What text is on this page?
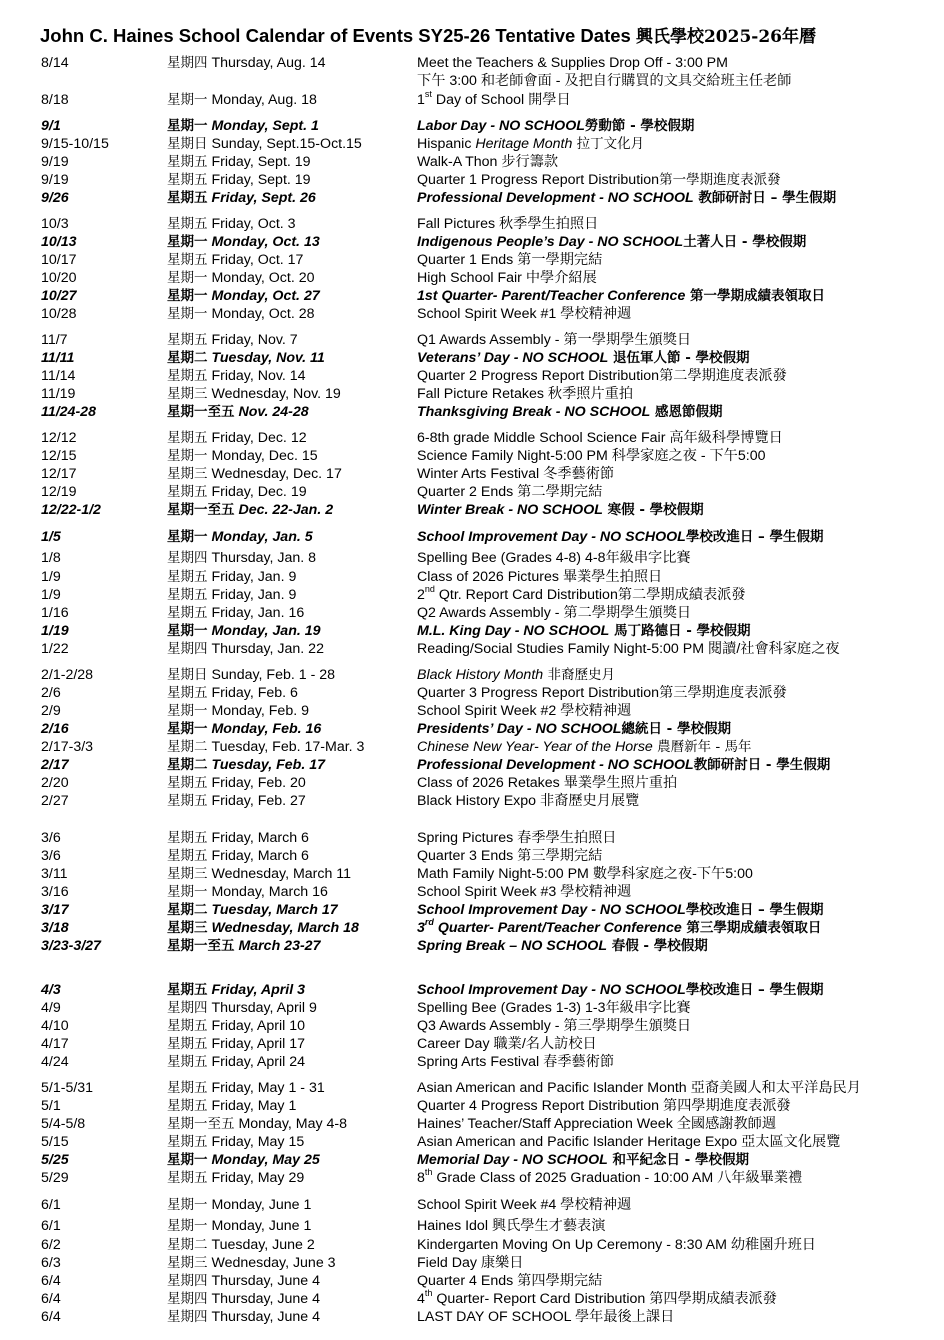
John C. Haines School Calendar of Events SY25-26 Tentative Dates 興氏學校2025-26年曆
8/14	星期四 Thursday, Aug. 14	Meet the Teachers & Supplies Drop Off - 3:00 PM
下午 3:00 和老師會面 - 及把自行購買的文具交給班主任老師
8/18	星期一 Monday, Aug. 18	1st Day of School 開學日
9/1	星期一 Monday, Sept. 1	Labor Day - NO SCHOOL勞動節 - 學校假期
9/15-10/15	星期日 Sunday, Sept.15-Oct.15	Hispanic Heritage Month 拉丁文化月
9/19	星期五 Friday, Sept. 19	Walk-A Thon 步行籌款
9/19	星期五 Friday, Sept. 19	Quarter 1 Progress Report Distribution第一學期進度表派發
9/26	星期五 Friday, Sept. 26	Professional Development - NO SCHOOL 教師研討日 – 學生假期
10/3	星期五 Friday, Oct. 3	Fall Pictures 秋季學生拍照日
10/13	星期一 Monday, Oct. 13	Indigenous People’s Day - NO SCHOOL土著人日 - 學校假期
10/17	星期五 Friday, Oct. 17	Quarter 1 Ends 第一學期完結
10/20	星期一 Monday, Oct. 20	High School Fair 中學介紹展
10/27	星期一 Monday, Oct. 27	1st Quarter- Parent/Teacher Conference 第一學期成績表領取日
10/28	星期一 Monday, Oct. 28	School Spirit Week #1 學校精神週
11/7	星期五 Friday, Nov. 7	Q1 Awards Assembly - 第一學期學生頒獎日
11/11	星期二 Tuesday, Nov. 11	Veterans’ Day - NO SCHOOL 退伍軍人節 - 學校假期
11/14	星期五 Friday, Nov. 14	Quarter 2 Progress Report Distribution第二學期進度表派發
11/19	星期三 Wednesday, Nov. 19	Fall Picture Retakes 秋季照片重拍
11/24-28	星期一至五 Nov. 24-28	Thanksgiving Break - NO SCHOOL 感恩節假期
12/12	星期五 Friday, Dec. 12	6-8th grade Middle School Science Fair 高年級科學博覽日
12/15	星期一 Monday, Dec. 15	Science Family Night-5:00 PM 科學家庭之夜 - 下午5:00
12/17	星期三 Wednesday, Dec. 17	Winter Arts Festival 冬季藝術節
12/19	星期五 Friday, Dec. 19	Quarter 2 Ends 第二學期完結
12/22-1/2	星期一至五 Dec. 22-Jan. 2	Winter Break - NO SCHOOL 寒假 - 學校假期
1/5	星期一 Monday, Jan. 5	School Improvement Day - NO SCHOOL學校改進日 – 學生假期
1/8	星期四 Thursday, Jan. 8	Spelling Bee (Grades 4-8) 4-8年級串字比賽
1/9	星期五 Friday, Jan. 9	Class of 2026 Pictures 畢業學生拍照日
1/9	星期五 Friday, Jan. 9	2nd Qtr. Report Card Distribution第二學期成績表派發
1/16	星期五 Friday, Jan. 16	Q2 Awards Assembly - 第二學期學生頒獎日
1/19	星期一 Monday, Jan. 19	M.L. King Day - NO SCHOOL 馬丁路德日 - 學校假期
1/22	星期四 Thursday, Jan. 22	Reading/Social Studies Family Night-5:00 PM 閱讀/社會科家庭之夜
2/1-2/28	星期日 Sunday, Feb. 1 - 28	Black History Month 非裔歷史月
2/6	星期五 Friday, Feb. 6	Quarter 3 Progress Report Distribution第三學期進度表派發
2/9	星期一 Monday, Feb. 9	School Spirit Week #2 學校精神週
2/16	星期一 Monday, Feb. 16	Presidents’ Day - NO SCHOOL總統日 - 學校假期
2/17-3/3	星期二 Tuesday, Feb. 17-Mar. 3	Chinese New Year- Year of the Horse 農曆新年 - 馬年
2/17	星期二 Tuesday, Feb. 17	Professional Development - NO SCHOOL教師研討日 - 學生假期
2/20	星期五 Friday, Feb. 20	Class of 2026 Retakes 畢業學生照片重拍
2/27	星期五 Friday, Feb. 27	Black History Expo 非裔歷史月展覽
3/6	星期五 Friday, March 6	Spring Pictures 春季學生拍照日
3/6	星期五 Friday, March 6	Quarter 3 Ends 第三學期完結
3/11	星期三 Wednesday, March 11	Math Family Night-5:00 PM 數學科家庭之夜-下午5:00
3/16	星期一 Monday, March 16	School Spirit Week #3 學校精神週
3/17	星期二 Tuesday, March 17	School Improvement Day - NO SCHOOL學校改進日 – 學生假期
3/18	星期三 Wednesday, March 18	3rd Quarter- Parent/Teacher Conference 第三學期成績表領取日
3/23-3/27	星期一至五 March 23-27	Spring Break – NO SCHOOL 春假 - 學校假期
4/3	星期五 Friday, April 3	School Improvement Day - NO SCHOOL學校改進日 – 學生假期
4/9	星期四 Thursday, April 9	Spelling Bee (Grades 1-3) 1-3年級串字比賽
4/10	星期五 Friday, April 10	Q3 Awards Assembly - 第三學期學生頒獎日
4/17	星期五 Friday, April 17	Career Day 職業/名人訪校日
4/24	星期五 Friday, April 24	Spring Arts Festival 春季藝術節
5/1-5/31	星期五 Friday, May 1 - 31	Asian American and Pacific Islander Month 亞裔美國人和太平洋島民月
5/1	星期五 Friday, May 1	Quarter 4 Progress Report Distribution 第四學期進度表派發
5/4-5/8	星期一至五 Monday, May 4-8	Haines’ Teacher/Staff Appreciation Week 全國感謝教師週
5/15	星期五 Friday, May 15	Asian American and Pacific Islander Heritage Expo 亞太區文化展覽
5/25	星期一 Monday, May 25	Memorial Day - NO SCHOOL 和平紀念日 - 學校假期
5/29	星期五 Friday, May 29	8th Grade Class of 2025 Graduation - 10:00 AM 八年級畢業禮
6/1	星期一 Monday, June 1	School Spirit Week #4 學校精神週
6/1	星期一 Monday, June 1	Haines Idol 興氏學生才藝表演
6/2	星期二 Tuesday, June 2	Kindergarten Moving On Up Ceremony - 8:30 AM 幼稚園升班日
6/3	星期三 Wednesday, June 3	Field Day 康樂日
6/4	星期四 Thursday, June 4	Quarter 4 Ends 第四學期完結
6/4	星期四 Thursday, June 4	4th Quarter- Report Card Distribution 第四學期成績表派發
6/4	星期四 Thursday, June 4	LAST DAY OF SCHOOL 學年最後上課日
